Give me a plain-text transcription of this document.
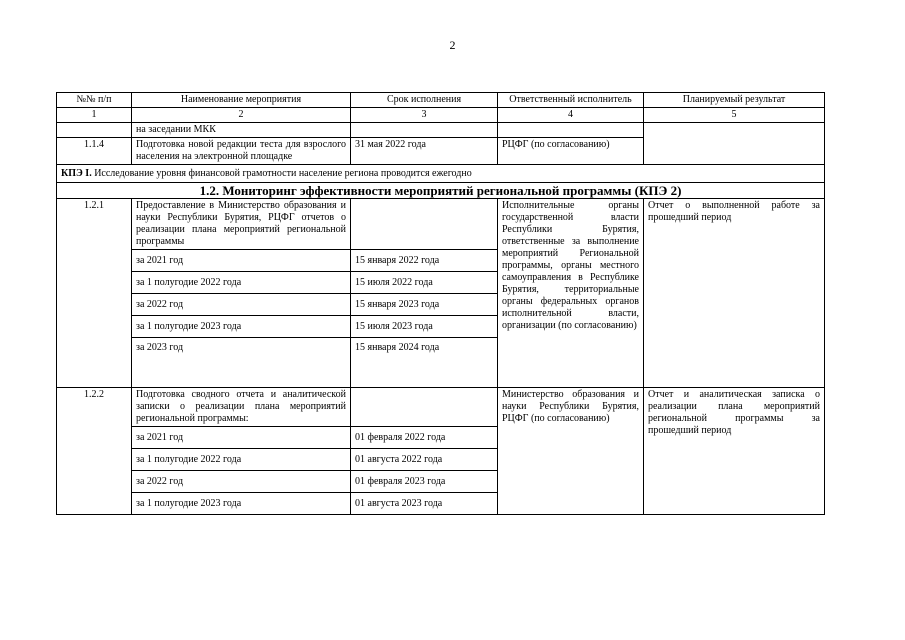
2
№№ п/п	Наименование мероприятия	Срок исполнения	Ответственный исполнитель	Планируемый результат
1	2	3	4	5
	на заседании МКК			
1.1.4	Подготовка новой редакции теста для взрослого населения на электронной площадке	31 мая 2022 года	РЦФГ (по согласованию)	
КПЭ I. Исследование уровня финансовой грамотности население региона проводится ежегодно				
1.2. Мониторинг эффективности мероприятий региональной программы (КПЭ 2)				
1.2.1	Предоставление в Министерство образования и науки Республики Бурятия, РЦФГ отчетов о реализации плана мероприятий региональной программы		Исполнительные органы государственной власти Республики Бурятия, ответственные за выполнение мероприятий Региональной программы, органы местного самоуправления в Республике Бурятия, территориальные органы федеральных органов исполнительной власти, организации (по согласованию)	Отчет о выполненной работе за прошедший период
	за 2021 год	15 января 2022 года		
	за 1 полугодие 2022 года	15 июля 2022 года		
	за 2022 год	15 января 2023 года		
	за 1 полугодие 2023 года	15 июля 2023 года		
	за 2023 год	15 января 2024 года		
1.2.2	Подготовка сводного отчета и аналитической записки о реализации плана мероприятий региональной программы:		Министерство образования и науки Республики Бурятия, РЦФГ (по согласованию)	Отчет и аналитическая записка о реализации плана мероприятий региональной программы за прошедший период
	за 2021 год	01 февраля 2022 года		
	за 1 полугодие 2022 года	01 августа 2022 года		
	за 2022 год	01 февраля 2023 года		
	за 1 полугодие 2023 года	01 августа 2023 года		
